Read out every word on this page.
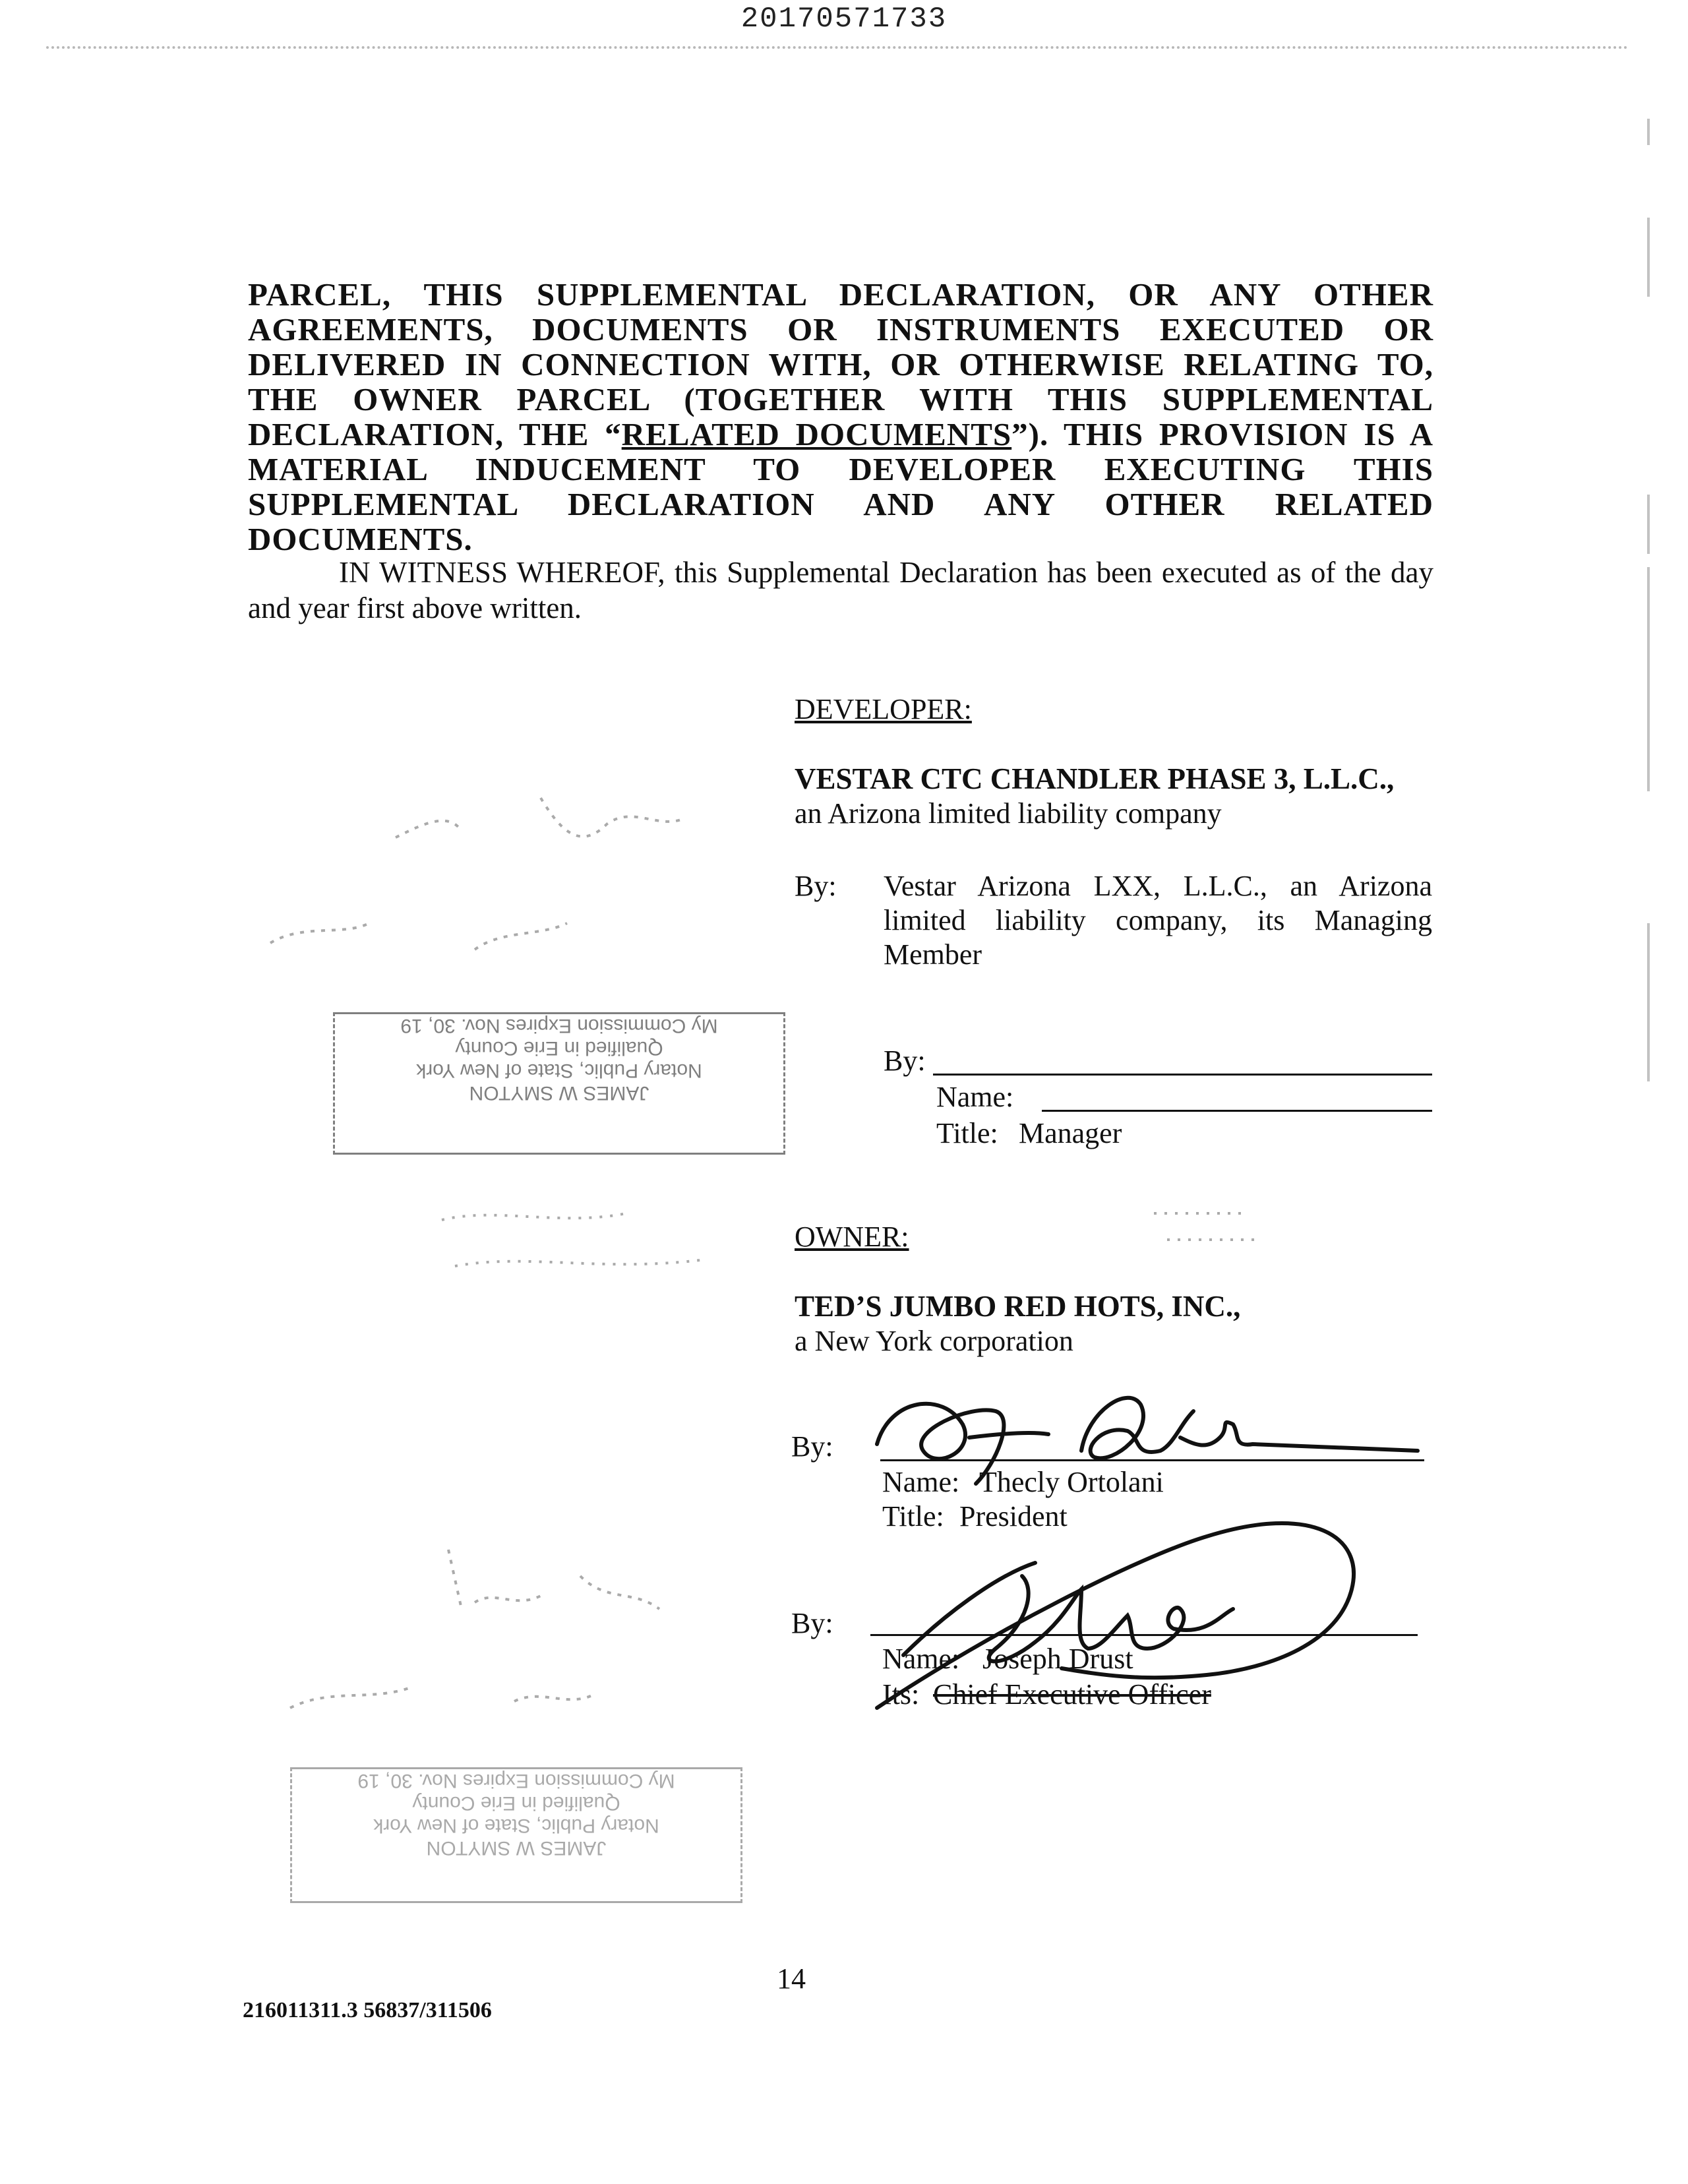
20170571733
PARCEL, THIS SUPPLEMENTAL DECLARATION, OR ANY OTHER AGREEMENTS, DOCUMENTS OR INSTRUMENTS EXECUTED OR DELIVERED IN CONNECTION WITH, OR OTHERWISE RELATING TO, THE OWNER PARCEL (TOGETHER WITH THIS SUPPLEMENTAL DECLARATION, THE “RELATED DOCUMENTS”). THIS PROVISION IS A MATERIAL INDUCEMENT TO DEVELOPER EXECUTING THIS SUPPLEMENTAL DECLARATION AND ANY OTHER RELATED DOCUMENTS.
IN WITNESS WHEREOF, this Supplemental Declaration has been executed as of the day and year first above written.
DEVELOPER:
VESTAR CTC CHANDLER PHASE 3, L.L.C.,
an Arizona limited liability company
By: Vestar Arizona LXX, L.L.C., an Arizona limited liability company, its Managing Member
By:
Name:
Title: Manager
OWNER:
TED’S JUMBO RED HOTS, INC.,
a New York corporation
By:
Name: Thecly Ortolani
Title: President
By:
Name: Joseph Drust
Its: Chief Executive Officer
JAMES W SMYTON
Notary Public, State of New York
Qualified in Erie County
My Commission Expires Nov. 30, 19
JAMES W SMYTON
Notary Public, State of New York
Qualified in Erie County
My Commission Expires Nov. 30, 19
14
216011311.3 56837/311506
